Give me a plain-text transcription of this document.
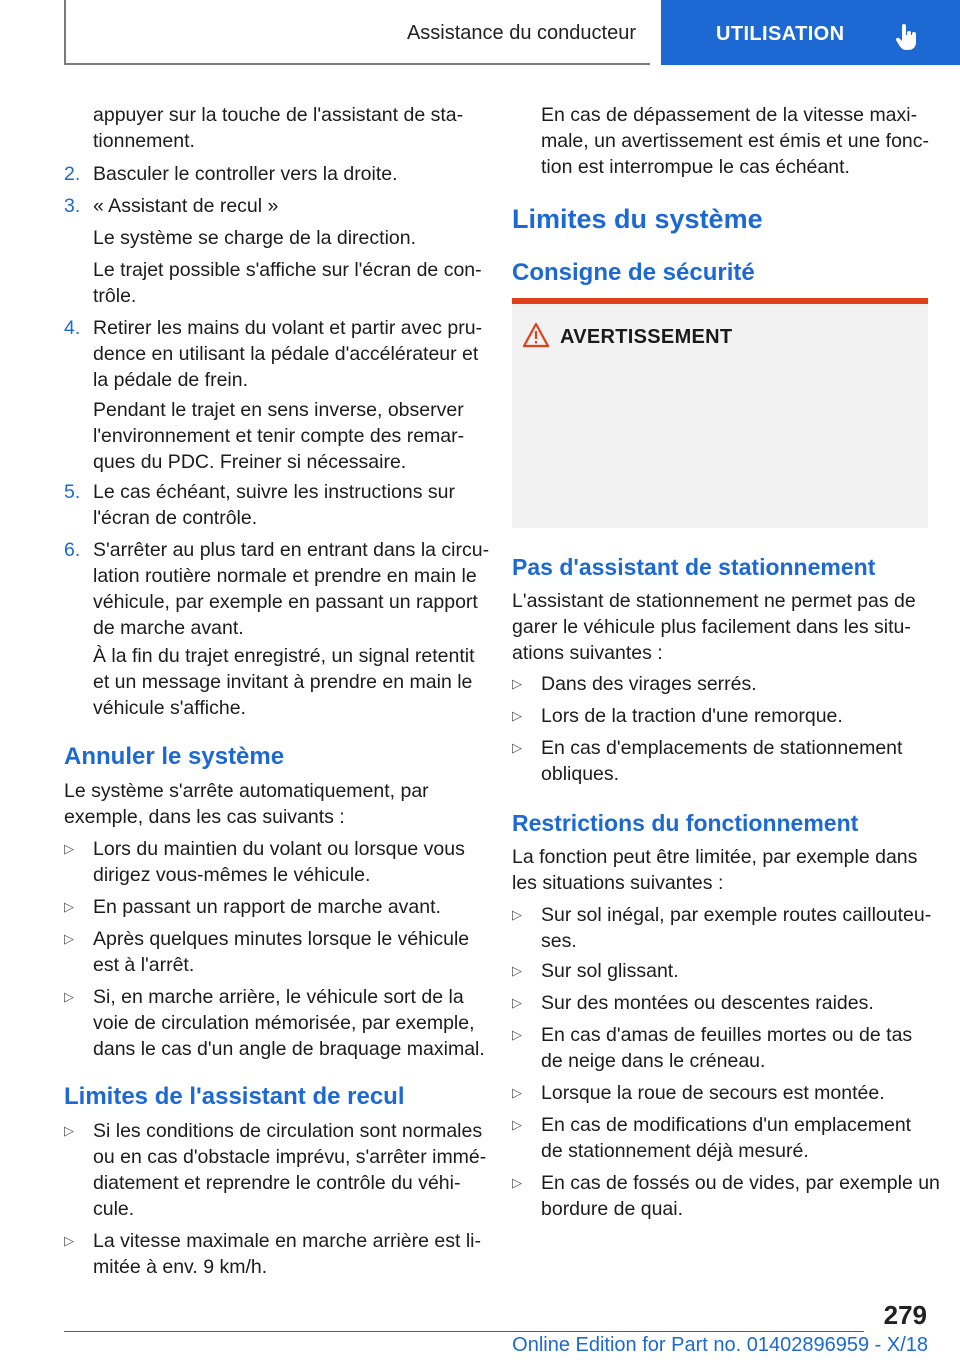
Assistance du conducteur	UTILISATION
appuyer sur la touche de l'assistant de sta-
tionnement.
2. Basculer le controller vers la droite.
3. « Assistant de recul »
Le système se charge de la direction.
Le trajet possible s'affiche sur l'écran de con-
trôle.
4. Retirer les mains du volant et partir avec pru-
dence en utilisant la pédale d'accélérateur et
la pédale de frein.
Pendant le trajet en sens inverse, observer
l'environnement et tenir compte des remar-
ques du PDC. Freiner si nécessaire.
5. Le cas échéant, suivre les instructions sur
l'écran de contrôle.
6. S'arrêter au plus tard en entrant dans la circu-
lation routière normale et prendre en main le
véhicule, par exemple en passant un rapport
de marche avant.
À la fin du trajet enregistré, un signal retentit
et un message invitant à prendre en main le
véhicule s'affiche.
Annuler le système
Le système s'arrête automatiquement, par
exemple, dans les cas suivants :
▷ Lors du maintien du volant ou lorsque vous
dirigez vous-mêmes le véhicule.
▷ En passant un rapport de marche avant.
▷ Après quelques minutes lorsque le véhicule
est à l'arrêt.
▷ Si, en marche arrière, le véhicule sort de la
voie de circulation mémorisée, par exemple,
dans le cas d'un angle de braquage maximal.
Limites de l'assistant de recul
▷ Si les conditions de circulation sont normales
ou en cas d'obstacle imprévu, s'arrêter immé-
diatement et reprendre le contrôle du véhi-
cule.
▷ La vitesse maximale en marche arrière est li-
mitée à env. 9 km/h.
En cas de dépassement de la vitesse maxi-
male, un avertissement est émis et une fonc-
tion est interrompue le cas échéant.
Limites du système
Consigne de sécurité
Pas d'assistant de stationnement
L'assistant de stationnement ne permet pas de
garer le véhicule plus facilement dans les situ-
ations suivantes :
▷ Dans des virages serrés.
▷ Lors de la traction d'une remorque.
▷ En cas d'emplacements de stationnement
obliques.
Restrictions du fonctionnement
La fonction peut être limitée, par exemple dans
les situations suivantes :
▷ Sur sol inégal, par exemple routes caillouteu-
ses.
▷ Sur sol glissant.
▷ Sur des montées ou descentes raides.
▷ En cas d'amas de feuilles mortes ou de tas
de neige dans le créneau.
▷ Lorsque la roue de secours est montée.
▷ En cas de modifications d'un emplacement
de stationnement déjà mesuré.
▷ En cas de fossés ou de vides, par exemple un
bordure de quai.
AVERTISSEMENT
279
Online Edition for Part no. 01402896959 - X/18
